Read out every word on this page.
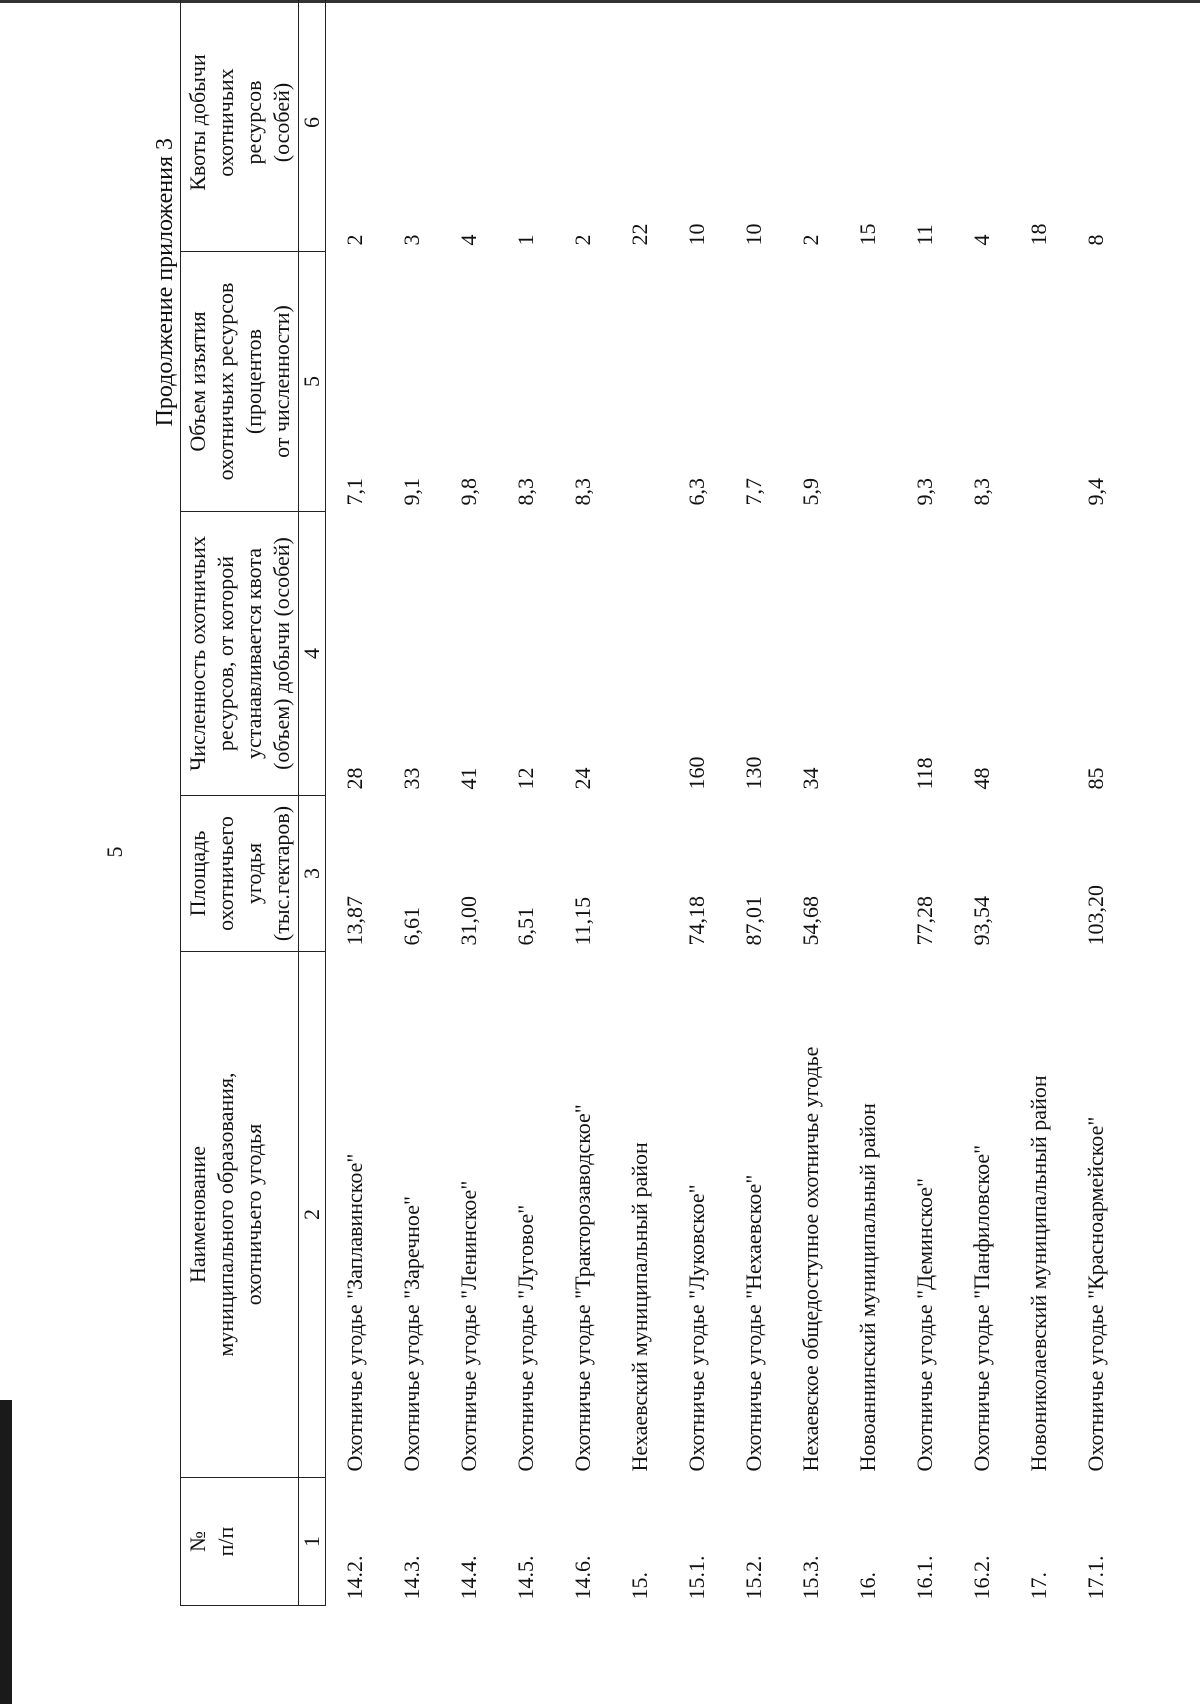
5
Продолжение приложения 3
№ п/п	Наименование муниципального образования, охотничьего угодья	Площадь охотничьего угодья (тыс.гектаров)	Численность охотничьих ресурсов, от которой устанавливается квота (объем) добычи (особей)	Объем изъятия охотничьих ресурсов (процентов от численности)	Квоты добычи охотничьих ресурсов (особей)
1	2	3	4	5	6
14.2.	Охотничье угодье "Заплавинское"	13,87	28	7,1	2
14.3.	Охотничье угодье "Заречное"	6,61	33	9,1	3
14.4.	Охотничье угодье "Ленинское"	31,00	41	9,8	4
14.5.	Охотничье угодье "Луговое"	6,51	12	8,3	1
14.6.	Охотничье угодье "Тракторозаводское"	11,15	24	8,3	2
15.	Нехаевский муниципальный район				22
15.1.	Охотничье угодье "Луковское"	74,18	160	6,3	10
15.2.	Охотничье угодье "Нехаевское"	87,01	130	7,7	10
15.3.	Нехаевское общедоступное охотничье угодье	54,68	34	5,9	2
16.	Новоаннинский муниципальный район				15
16.1.	Охотничье угодье "Деминское"	77,28	118	9,3	11
16.2.	Охотничье угодье "Панфиловское"	93,54	48	8,3	4
17.	Новониколаевский муниципальный район				18
17.1.	Охотничье угодье "Красноармейское"	103,20	85	9,4	8
